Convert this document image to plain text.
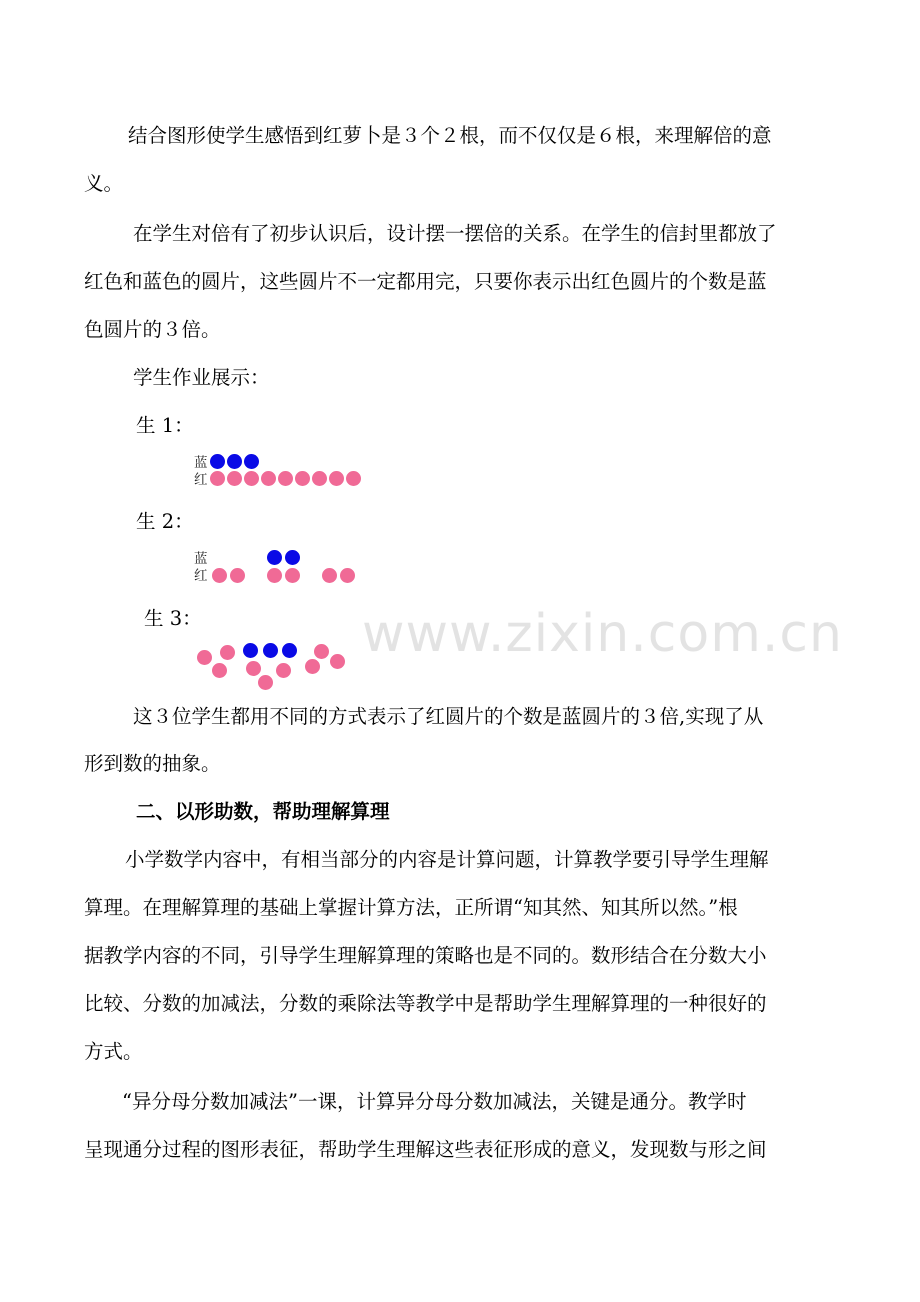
结合图形使学生感悟到红萝卜是３个２根，而不仅仅是６根，来理解倍的意
义。
在学生对倍有了初步认识后，设计摆一摆倍的关系。在学生的信封里都放了
红色和蓝色的圆片，这些圆片不一定都用完，只要你表示出红色圆片的个数是蓝
色圆片的３倍。
学生作业展示：
生 1：
蓝
红
生 2：
蓝
红
生 3：	www.zixin.com.cn
这３位学生都用不同的方式表示了红圆片的个数是蓝圆片的３倍,实现了从
形到数的抽象。
二、以形助数，帮助理解算理
小学数学内容中，有相当部分的内容是计算问题，计算教学要引导学生理解
算理。在理解算理的基础上掌握计算方法，正所谓“知其然、知其所以然。”根
据教学内容的不同，引导学生理解算理的策略也是不同的。数形结合在分数大小
比较、分数的加减法，分数的乘除法等教学中是帮助学生理解算理的一种很好的
方式。
“异分母分数加减法”一课，计算异分母分数加减法，关键是通分。教学时
呈现通分过程的图形表征，帮助学生理解这些表征形成的意义，发现数与形之间
